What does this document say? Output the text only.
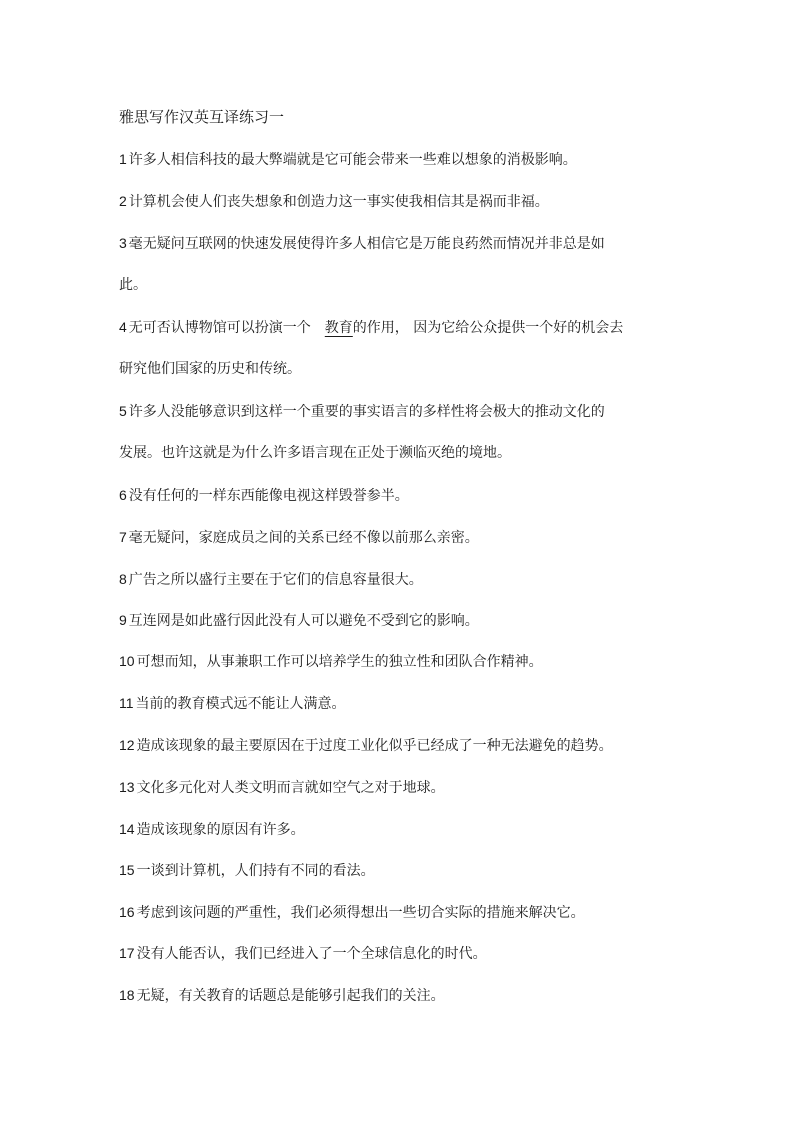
雅思写作汉英互译练习一
1 许多人相信科技的最大弊端就是它可能会带来一些难以想象的消极影响。
2 计算机会使人们丧失想象和创造力这一事实使我相信其是祸而非福。
3 毫无疑问互联网的快速发展使得许多人相信它是万能良药然而情况并非总是如
此。
4 无可否认博物馆可以扮演一个 教育的作用， 因为它给公众提供一个好的机会去
研究他们国家的历史和传统。
5 许多人没能够意识到这样一个重要的事实语言的多样性将会极大的推动文化的
发展。也许这就是为什么许多语言现在正处于濒临灭绝的境地。
6 没有任何的一样东西能像电视这样毁誉参半。
7 毫无疑问，家庭成员之间的关系已经不像以前那么亲密。
8 广告之所以盛行主要在于它们的信息容量很大。
9 互连网是如此盛行因此没有人可以避免不受到它的影响。
10 可想而知，从事兼职工作可以培养学生的独立性和团队合作精神。
11 当前的教育模式远不能让人满意。
12 造成该现象的最主要原因在于过度工业化似乎已经成了一种无法避免的趋势。
13 文化多元化对人类文明而言就如空气之对于地球。
14 造成该现象的原因有许多。
15 一谈到计算机，人们持有不同的看法。
16 考虑到该问题的严重性，我们必须得想出一些切合实际的措施来解决它。
17 没有人能否认，我们已经进入了一个全球信息化的时代。
18 无疑，有关教育的话题总是能够引起我们的关注。
